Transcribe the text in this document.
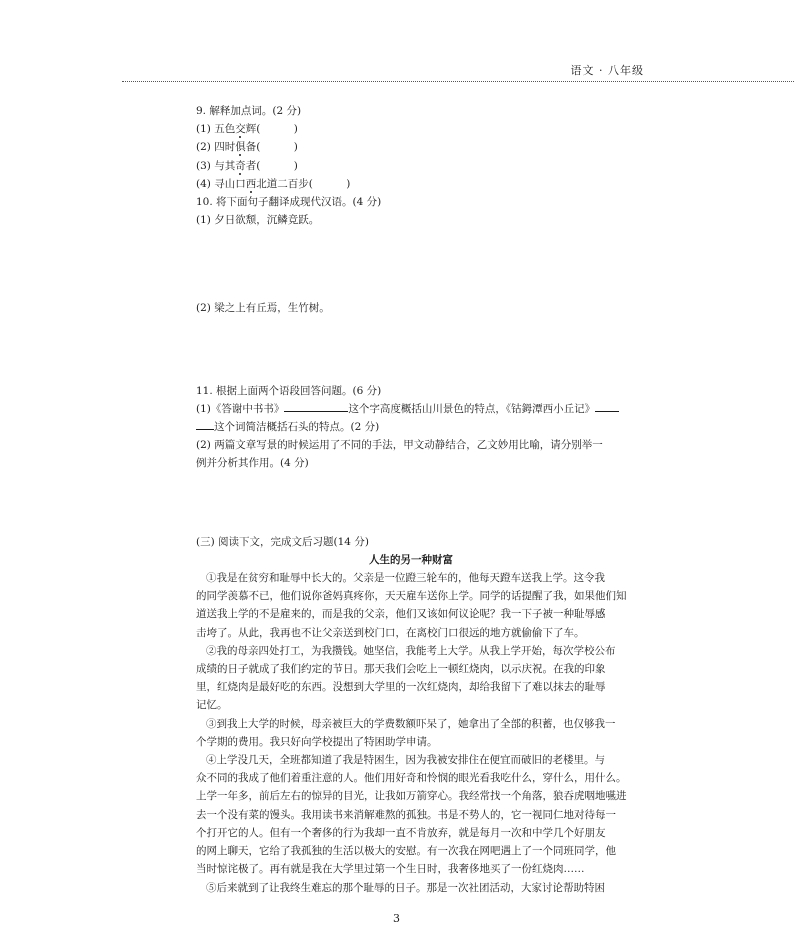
语文 · 八年级
9. 解释加点词。(2 分)
(1) 五色交辉(          )
(2) 四时俱备(          )
(3) 与其奇者(          )
(4) 寻山口西北道二百步(          )
10. 将下面句子翻译成现代汉语。(4 分)
(1) 夕日欲颓，沉鳞竞跃。
(2) 梁之上有丘焉，生竹树。
11. 根据上面两个语段回答问题。(6 分)
(1)《答谢中书书》	这个字高度概括山川景色的特点，《钴鉧潭西小丘记》
这个词简洁概括石头的特点。(2 分)
(2) 两篇文章写景的时候运用了不同的手法，甲文动静结合，乙文妙用比喻，请分别举一
例并分析其作用。(4 分)
(三) 阅读下文，完成文后习题(14 分)
人生的另一种财富
①我是在贫穷和耻辱中长大的。父亲是一位蹬三轮车的，他每天蹬车送我上学。这令我
的同学羡慕不已，他们说你爸妈真疼你，天天雇车送你上学。同学的话提醒了我，如果他们知
道送我上学的不是雇来的，而是我的父亲，他们又该如何议论呢？我一下子被一种耻辱感
击垮了。从此，我再也不让父亲送到校门口，在离校门口很远的地方就偷偷下了车。
②我的母亲四处打工，为我攒钱。她坚信，我能考上大学。从我上学开始，每次学校公布
成绩的日子就成了我们约定的节日。那天我们会吃上一顿红烧肉，以示庆祝。在我的印象
里，红烧肉是最好吃的东西。没想到大学里的一次红烧肉，却给我留下了难以抹去的耻辱
记忆。
③到我上大学的时候，母亲被巨大的学费数额吓呆了，她拿出了全部的积蓄，也仅够我一
个学期的费用。我只好向学校提出了特困助学申请。
④上学没几天，全班都知道了我是特困生，因为我被安排住在便宜而破旧的老楼里。与
众不同的我成了他们着重注意的人。他们用好奇和怜悯的眼光看我吃什么，穿什么，用什么。
上学一年多，前后左右的惊异的目光，让我如万箭穿心。我经常找一个角落，狼吞虎咽地嚥进
去一个没有菜的馒头。我用读书来消解难熬的孤独。书是不势人的，它一视同仁地对待每一
个打开它的人。但有一个奢侈的行为我却一直不肯放弃，就是每月一次和中学几个好朋友
的网上聊天，它给了我孤独的生活以极大的安慰。有一次我在网吧遇上了一个同班同学，他
当时惊诧极了。再有就是我在大学里过第一个生日时，我奢侈地买了一份红烧肉……
⑤后来就到了让我终生难忘的那个耻辱的日子。那是一次社团活动，大家讨论帮助特困
3
